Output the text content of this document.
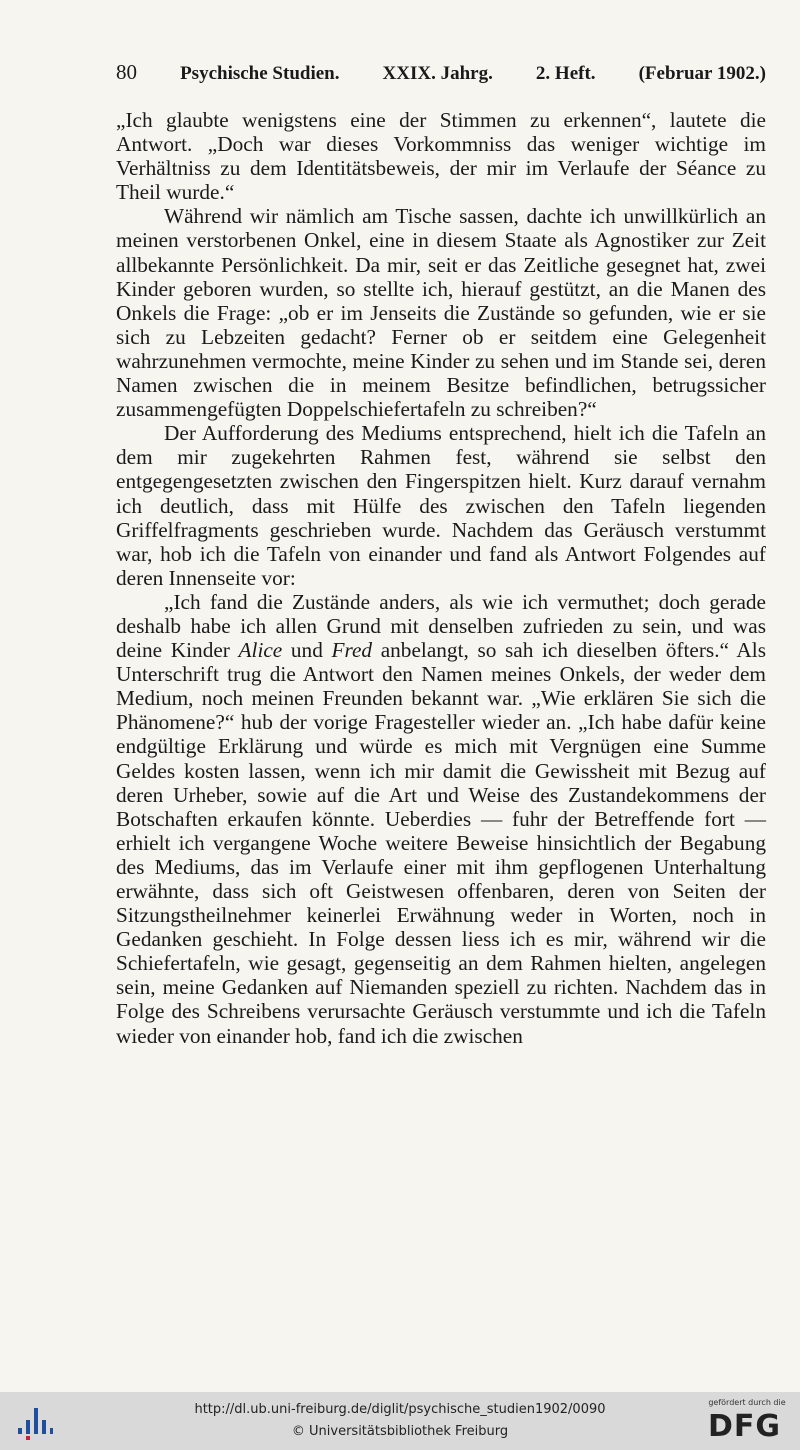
80 Psychische Studien. XXIX. Jahrg. 2. Heft. (Februar 1902.)

„Ich glaubte wenigstens eine der Stimmen zu erkennen“, lautete die Antwort. „Doch war dieses Vorkommniss das weniger wichtige im Verhältniss zu dem Identitätsbeweis, der mir im Verlaufe der Séance zu Theil wurde.“

Während wir nämlich am Tische sassen, dachte ich unwillkürlich an meinen verstorbenen Onkel, eine in diesem Staate als Agnostiker zur Zeit allbekannte Persönlichkeit. Da mir, seit er das Zeitliche gesegnet hat, zwei Kinder geboren wurden, so stellte ich, hierauf gestützt, an die Manen des Onkels die Frage: „ob er im Jenseits die Zustände so gefunden, wie er sie sich zu Lebzeiten gedacht? Ferner ob er seitdem eine Gelegenheit wahrzunehmen vermochte, meine Kinder zu sehen und im Stande sei, deren Namen zwischen die in meinem Besitze befindlichen, betrugssicher zusammengefügten Doppelschiefertafeln zu schreiben?“

Der Aufforderung des Mediums entsprechend, hielt ich die Tafeln an dem mir zugekehrten Rahmen fest, während sie selbst den entgegengesetzten zwischen den Fingerspitzen hielt. Kurz darauf vernahm ich deutlich, dass mit Hülfe des zwischen den Tafeln liegenden Griffelfragments geschrieben wurde. Nachdem das Geräusch verstummt war, hob ich die Tafeln von einander und fand als Antwort Folgendes auf deren Innenseite vor:

„Ich fand die Zustände anders, als wie ich vermuthet; doch gerade deshalb habe ich allen Grund mit denselben zufrieden zu sein, und was deine Kinder Alice und Fred anbelangt, so sah ich dieselben öfters.“ Als Unterschrift trug die Antwort den Namen meines Onkels, der weder dem Medium, noch meinen Freunden bekannt war. „Wie erklären Sie sich die Phänomene?“ hub der vorige Fragesteller wieder an. „Ich habe dafür keine endgültige Erklärung und würde es mich mit Vergnügen eine Summe Geldes kosten lassen, wenn ich mir damit die Gewissheit mit Bezug auf deren Urheber, sowie auf die Art und Weise des Zustandekommens der Botschaften erkaufen könnte. Ueberdies — fuhr der Betreffende fort — erhielt ich vergangene Woche weitere Beweise hinsichtlich der Begabung des Mediums, das im Verlaufe einer mit ihm gepflogenen Unterhaltung erwähnte, dass sich oft Geistwesen offenbaren, deren von Seiten der Sitzungstheilnehmer keinerlei Erwähnung weder in Worten, noch in Gedanken geschieht. In Folge dessen liess ich es mir, während wir die Schiefertafeln, wie gesagt, gegenseitig an dem Rahmen hielten, angelegen sein, meine Gedanken auf Niemanden speziell zu richten. Nachdem das in Folge des Schreibens verursachte Geräusch verstummte und ich die Tafeln wieder von einander hob, fand ich die zwischen

http://dl.ub.uni-freiburg.de/diglit/psychische_studien1902/0090
© Universitätsbibliothek Freiburg
gefördert durch die
DFG
